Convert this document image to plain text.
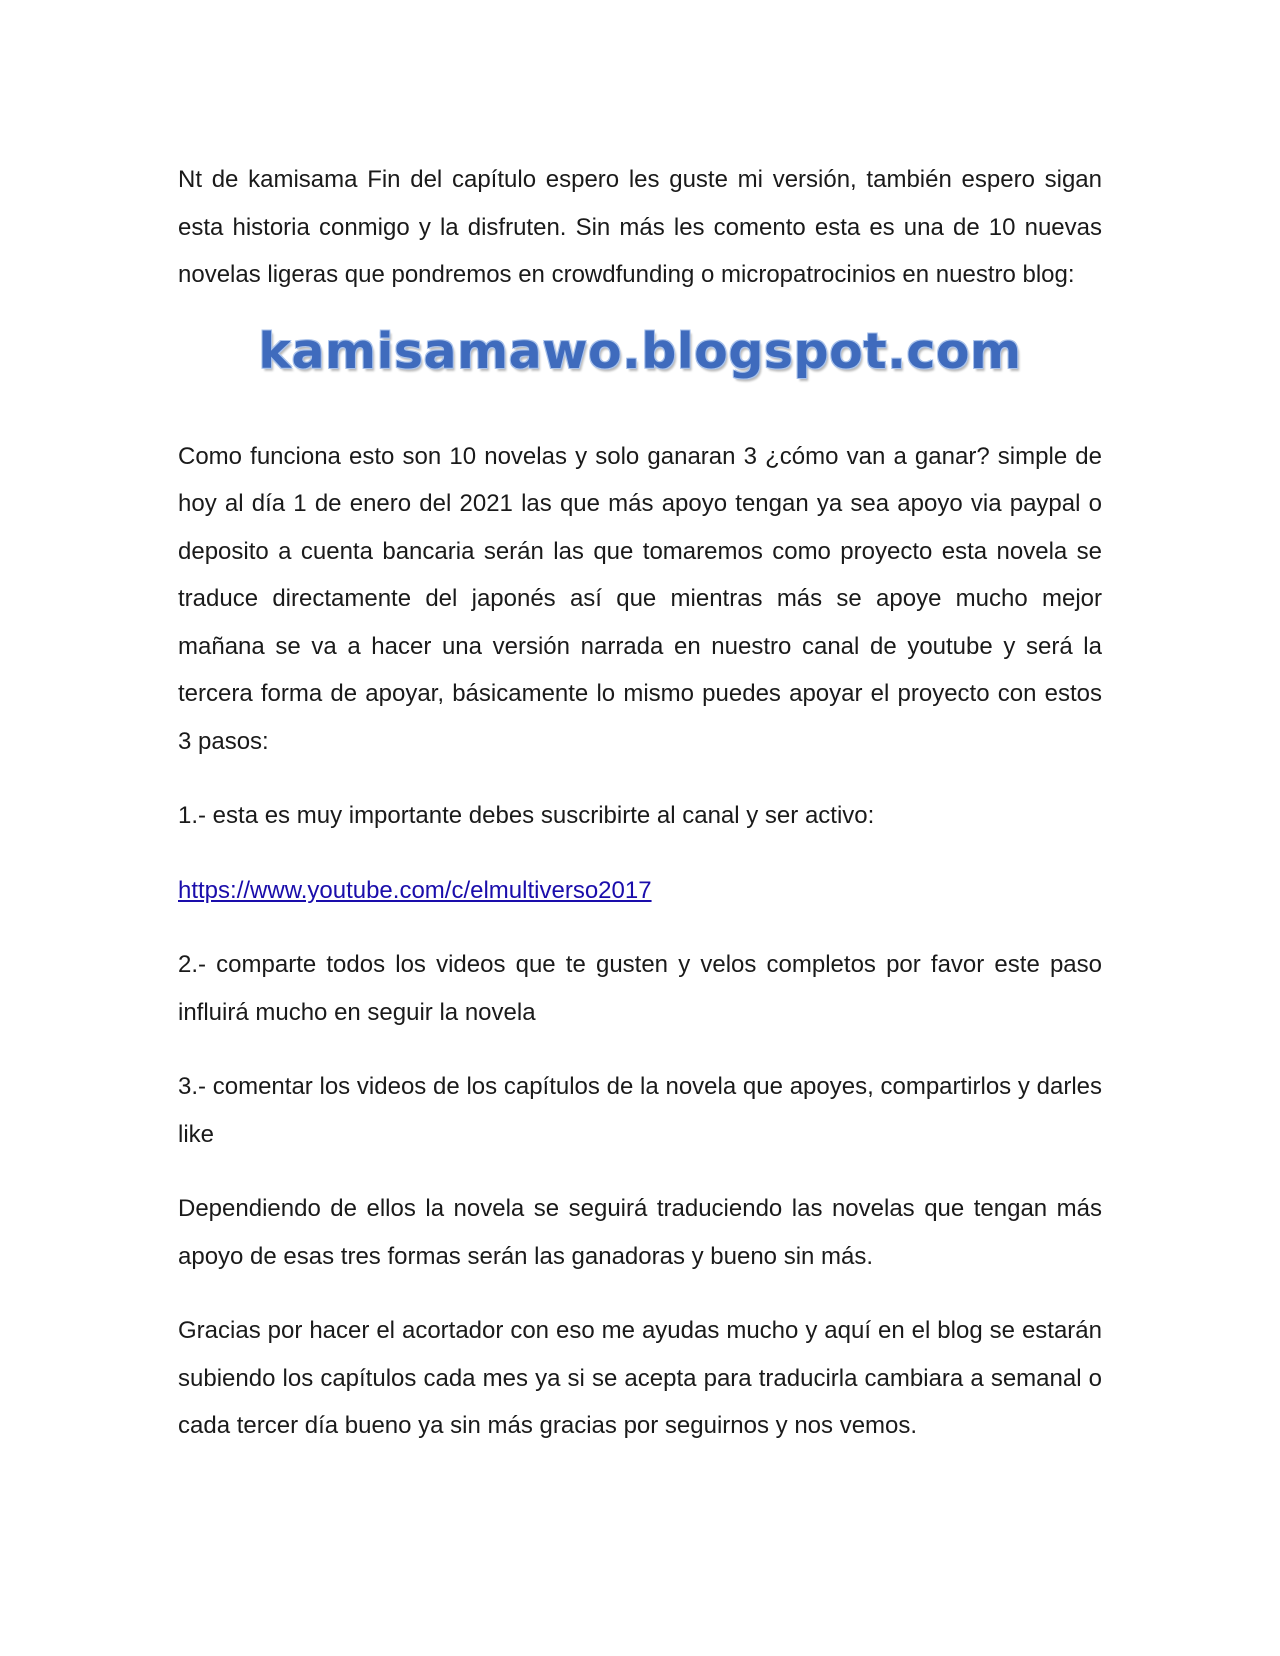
Nt de kamisama Fin del capítulo espero les guste mi versión, también espero sigan esta historia conmigo y la disfruten. Sin más les comento esta es una de 10 nuevas novelas ligeras que pondremos en crowdfunding o micropatrocinios en nuestro blog:

kamisamawo.blogspot.com

Como funciona esto son 10 novelas y solo ganaran 3 ¿cómo van a ganar? simple de hoy al día 1 de enero del 2021 las que más apoyo tengan ya sea apoyo via paypal o deposito a cuenta bancaria serán las que tomaremos como proyecto esta novela se traduce directamente del japonés así que mientras más se apoye mucho mejor mañana se va a hacer una versión narrada en nuestro canal de youtube y será la tercera forma de apoyar, básicamente lo mismo puedes apoyar el proyecto con estos 3 pasos:

1.- esta es muy importante debes suscribirte al canal y ser activo:

https://www.youtube.com/c/elmultiverso2017

2.- comparte todos los videos que te gusten y velos completos por favor este paso influirá mucho en seguir la novela

3.- comentar los videos de los capítulos de la novela que apoyes, compartirlos y darles like

Dependiendo de ellos la novela se seguirá traduciendo las novelas que tengan más apoyo de esas tres formas serán las ganadoras y bueno sin más.

Gracias por hacer el acortador con eso me ayudas mucho y aquí en el blog se estarán subiendo los capítulos cada mes ya si se acepta para traducirla cambiara a semanal o cada tercer día bueno ya sin más gracias por seguirnos y nos vemos.
